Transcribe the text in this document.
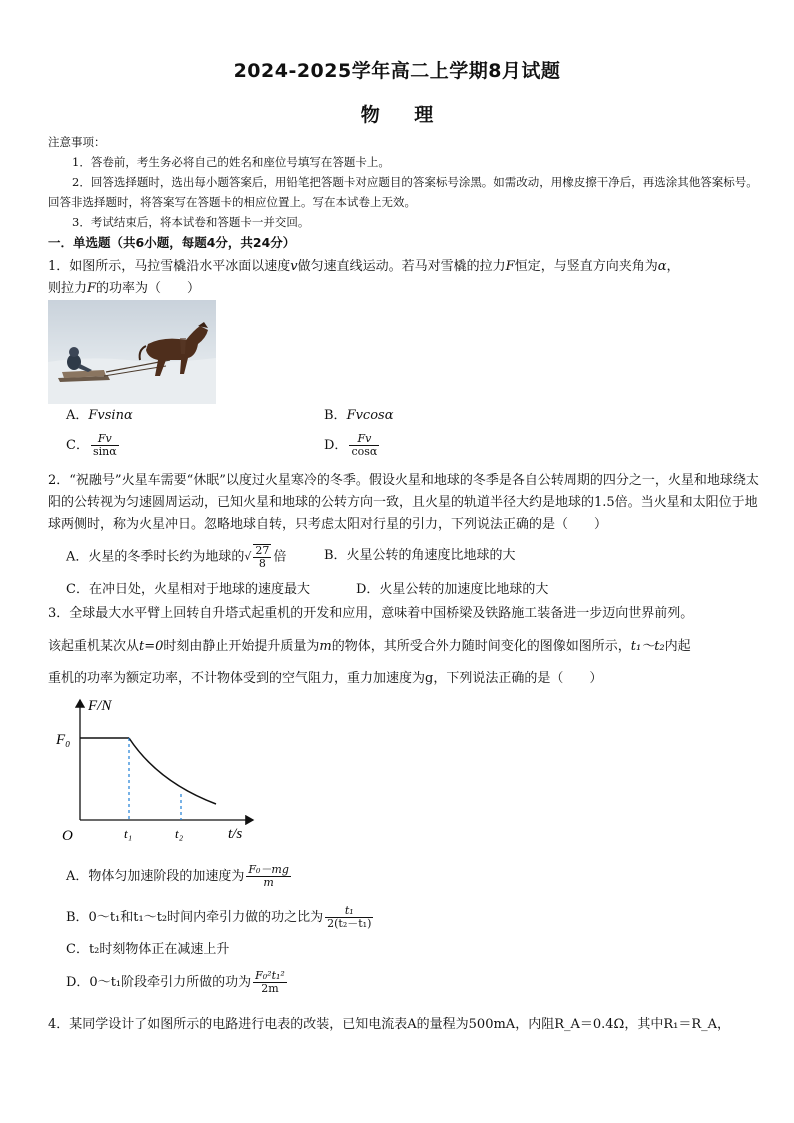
2024-2025学年高二上学期8月试题
物 理
注意事项：
1．答卷前，考生务必将自己的姓名和座位号填写在答题卡上。
2．回答选择题时，选出每小题答案后，用铅笔把答题卡对应题目的答案标号涂黑。如需改动，用橡皮擦干净后，再选涂其他答案标号。回答非选择题时，将答案写在答题卡的相应位置上。写在本试卷上无效。
3．考试结束后，将本试卷和答题卡一并交回。
一．单选题（共6小题，每题4分，共24分）
1．如图所示，马拉雪橇沿水平冰面以速度v做匀速直线运动。若马对雪橇的拉力F恒定，与竖直方向夹角为α，
则拉力F的功率为（　　）
A．Fvsinα	B．Fvcosα
C． $\frac{Fv}{\sin\alpha}$	D． $\frac{Fv}{\cos\alpha}$
2．“祝融号”火星车需要“休眠”以度过火星寒冷的冬季。假设火星和地球的冬季是各自公转周期的四分之一，火星和地球绕太阳的公转视为匀速圆周运动，已知火星和地球的公转方向一致，且火星的轨道半径大约是地球的1.5倍。当火星和太阳位于地球两侧时，称为火星冲日。忽略地球自转，只考虑太阳对行星的引力，下列说法正确的是（　　）
A．火星的冬季时长约为地球的√ $\frac{27}{8}$ 倍	B．火星公转的角速度比地球的大
C．在冲日处，火星相对于地球的速度最大	D．火星公转的加速度比地球的大
3．全球最大水平臂上回转自升塔式起重机的开发和应用，意味着中国桥梁及铁路施工装备进一步迈向世界前列。
该起重机某次从t=0时刻由静止开始提升质量为m的物体，其所受合外力随时间变化的图像如图所示，t₁～t₂内起
重机的功率为额定功率，不计物体受到的空气阻力，重力加速度为g，下列说法正确的是（　　）
F/N
F₀
O	t₁	t₂	t/s
A．物体匀加速阶段的加速度为 $\frac{\text{F₀－mg}}{m}$
B．0～t₁和t₁～t₂时间内牵引力做的功之比为 $\frac{\text{t₁}}{\text{2(t₂－t₁)}}$
C．t₂时刻物体正在减速上升
D．0～t₁阶段牵引力所做的功为 $\frac{\text{F₀²t₁²}}{2m}$
4．某同学设计了如图所示的电路进行电表的改装，已知电流表A的量程为500mA，内阻R_A＝0.4Ω，其中R₁＝R_A，
